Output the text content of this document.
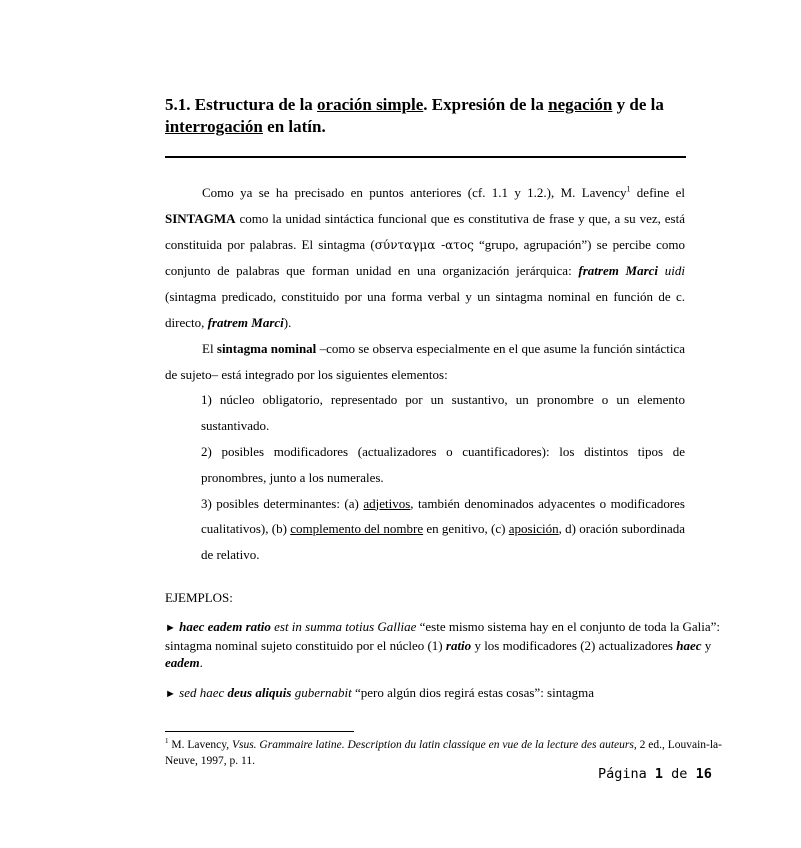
5.1. Estructura de la oración simple. Expresión de la negación y de la interrogación en latín.

Como ya se ha precisado en puntos anteriores (cf. 1.1 y 1.2.), M. Lavency$^1$ define el SINTAGMA como la unidad sintáctica funcional que es constitutiva de frase y que, a su vez, está constituida por palabras. El sintagma (σύνταγμα -ατος “grupo, agrupación”) se percibe como conjunto de palabras que forman unidad en una organización jerárquica: fratrem Marci uidi (sintagma predicado, constituido por una forma verbal y un sintagma nominal en función de c. directo, fratrem Marci).

El sintagma nominal –como se observa especialmente en el que asume la función sintáctica de sujeto– está integrado por los siguientes elementos:

1) núcleo obligatorio, representado por un sustantivo, un pronombre o un elemento sustantivado.

2) posibles modificadores (actualizadores o cuantificadores): los distintos tipos de pronombres, junto a los numerales.

3) posibles determinantes: (a) adjetivos, también denominados adyacentes o modificadores cualitativos), (b) complemento del nombre en genitivo, (c) aposición, d) oración subordinada de relativo.

EJEMPLOS:

► haec eadem ratio est in summa totius Galliae “este mismo sistema hay en el conjunto de toda la Galia”: sintagma nominal sujeto constituido por el núcleo (1) ratio y los modificadores (2) actualizadores haec y eadem.

► sed haec deus aliquis gubernabit “pero algún dios regirá estas cosas”: sintagma

$^1$ M. Lavency, Vsus. Grammaire latine. Description du latin classique en vue de la lecture des auteurs, 2 ed., Louvain-la-Neuve, 1997, p. 11.

Página 1 de 16
